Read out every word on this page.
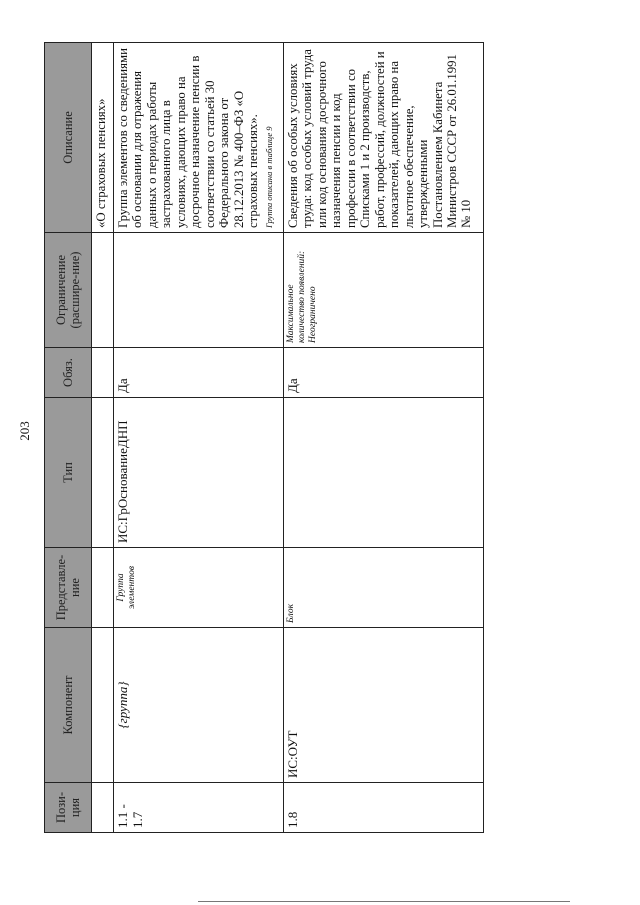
203
Пози-ция	Компонент	Представле-ние	Тип	Обяз.	Ограничение (расшире-ние)	Описание
						«О страховых пенсиях»
1.1 - 1.7	{группа}	Группа элементов	ИС:ГрОснованиеДНП	Да		Группа элементов со сведениями об основании для отражения данных о периодах работы застрахованного лица в условиях, дающих право на досрочное назначение пенсии в соответствии со статьей 30 Федерального закона от 28.12.2013 № 400–ФЗ «О страховых пенсиях». Группа описана в таблице 9
1.8	ИС:ОУТ	Блок		Да	Максимальное количество появлений: Неограничено	Сведения об особых условиях труда: код особых условий труда или код основания досрочного назначения пенсии и код профессии в соответствии со Списками 1 и 2 производств, работ, профессий, должностей и показателей, дающих право на льготное обеспечение, утвержденными Постановлением Кабинета Министров СССР от 26.01.1991 № 10
